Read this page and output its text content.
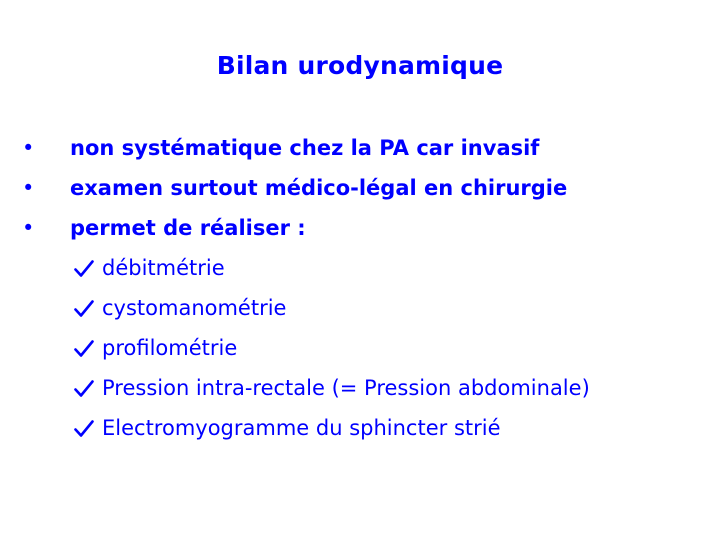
Bilan urodynamique
•	non systématique chez la PA car invasif
•	examen surtout médico-légal en chirurgie
•	permet de réaliser :
débitmétrie
cystomanométrie
profilométrie
Pression intra-rectale (= Pression abdominale)
Electromyogramme du sphincter strié
